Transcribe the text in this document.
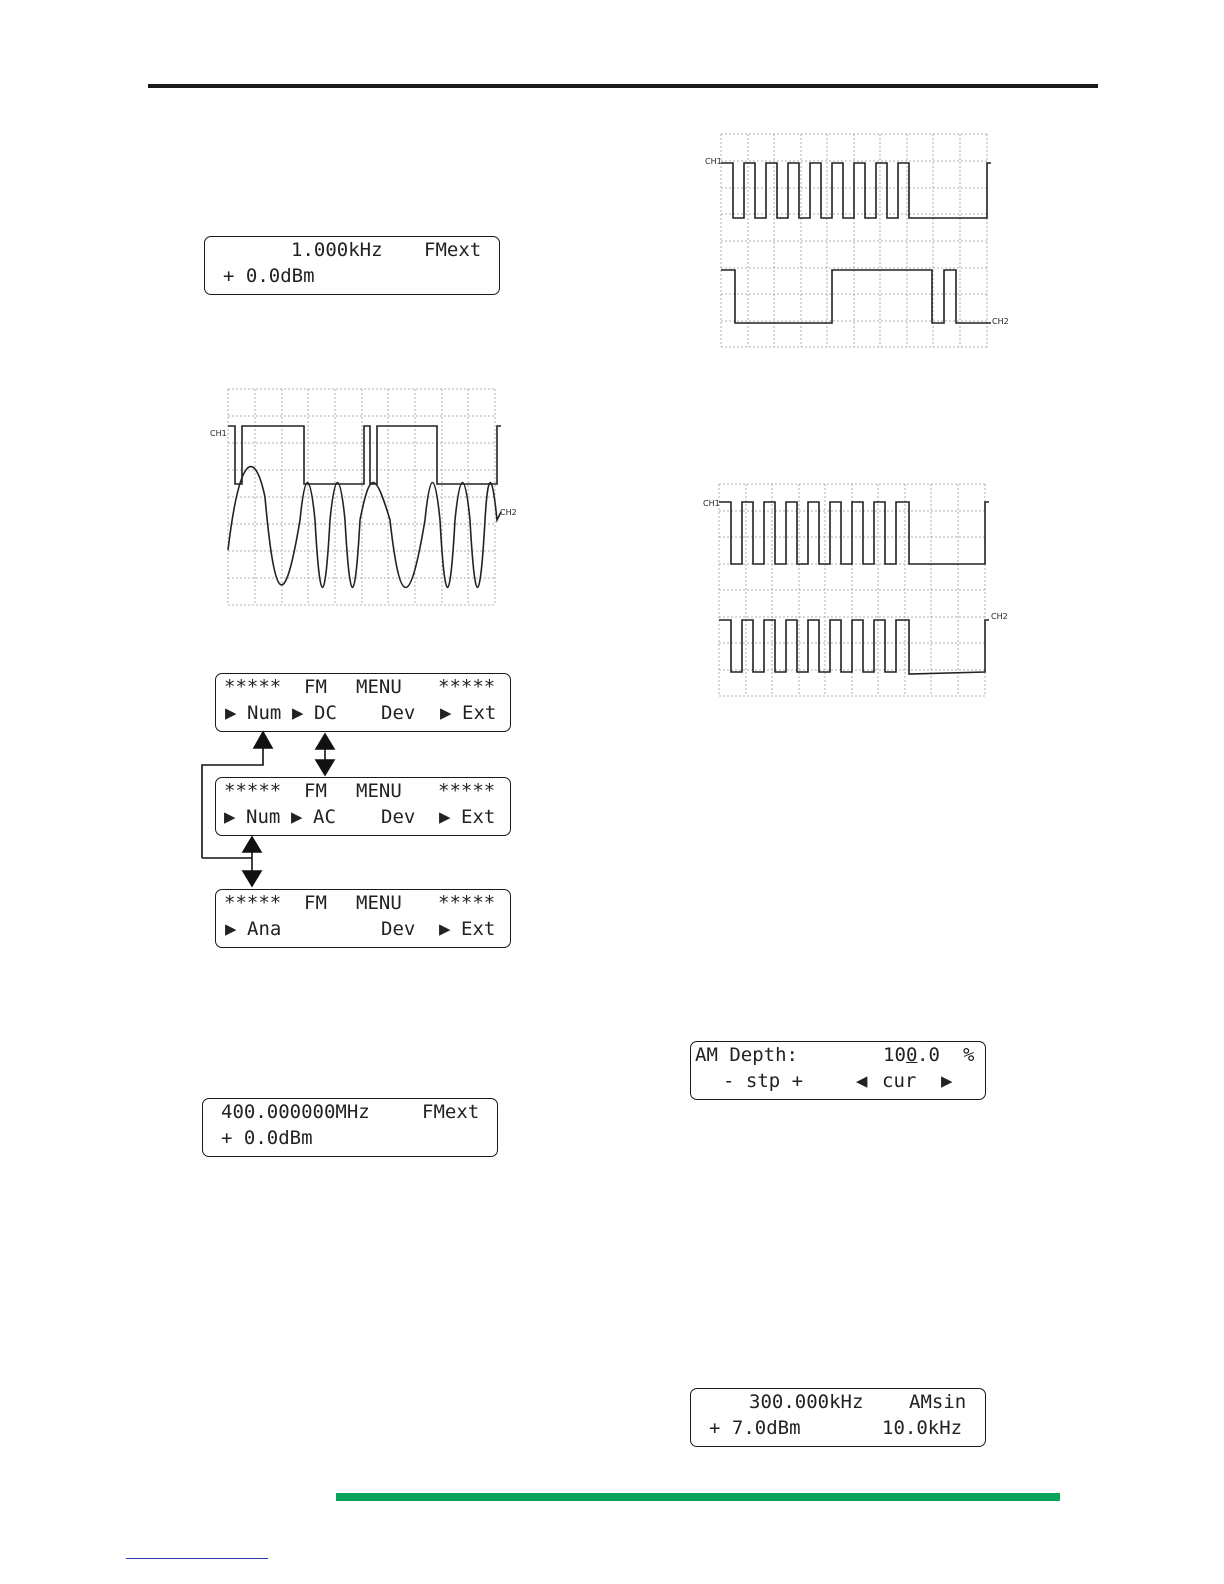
1.000kHz FMext
+ 0.0dBm
CH1
CH2

*****

FM

MENU

*****

▶

Num

▶

DC

Dev

▶

Ext

*****

FM

MENU

*****

▶

Num

▶

AC

Dev

▶

Ext

*****

FM

MENU

*****

▶

Ana

	Dev

▶

Ext

400.000000MHz	FMext
+ 0.0dBm
CH1
CH2
CH1
CH2

AM Depth:

	10

0

.0

%

- stp +

	◀

cur

▶

300.000kHz AMsin
+ 7.0dBm	10.0kHz
